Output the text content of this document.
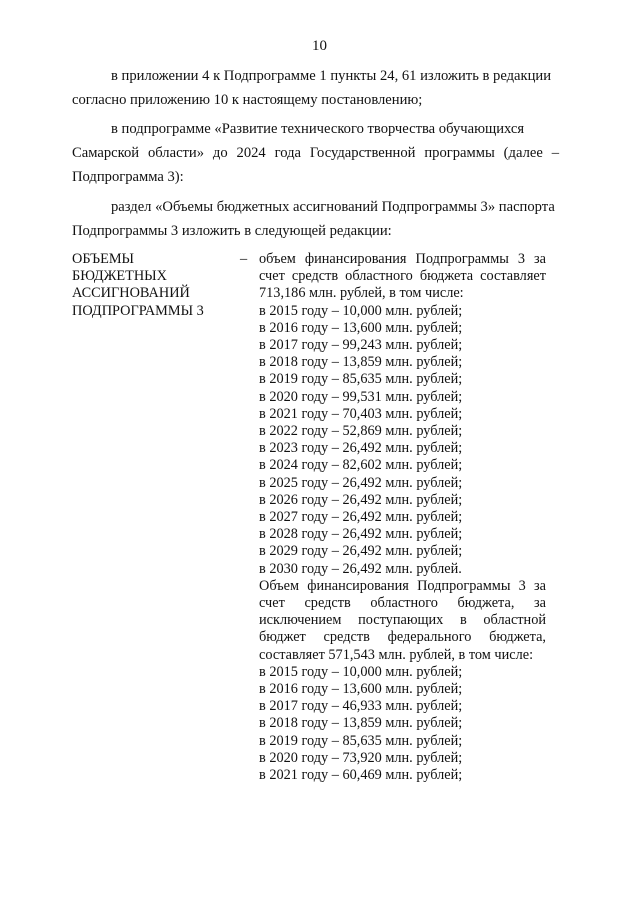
10

в приложении 4 к Подпрограмме 1 пункты 24, 61 изложить в редакции
согласно приложению 10 к настоящему постановлению;

в подпрограмме «Развитие технического творчества обучающихся
Самарской области» до 2024 года Государственной программы (далее – Подпрограмма 3):

раздел «Объемы бюджетных ассигнований Подпрограммы 3» паспорта
Подпрограммы 3 изложить в следующей редакции:

ОБЪЕМЫ
БЮДЖЕТНЫХ
АССИГНОВАНИЙ
ПОДПРОГРАММЫ 3
– объем финансирования Подпрограммы 3 за счет средств областного бюджета составляет 713,186 млн. рублей, в том числе:
в 2015 году – 10,000 млн. рублей;
в 2016 году – 13,600 млн. рублей;
в 2017 году – 99,243 млн. рублей;
в 2018 году – 13,859 млн. рублей;
в 2019 году – 85,635 млн. рублей;
в 2020 году – 99,531 млн. рублей;
в 2021 году – 70,403 млн. рублей;
в 2022 году – 52,869 млн. рублей;
в 2023 году – 26,492 млн. рублей;
в 2024 году – 82,602 млн. рублей;
в 2025 году – 26,492 млн. рублей;
в 2026 году – 26,492 млн. рублей;
в 2027 году – 26,492 млн. рублей;
в 2028 году – 26,492 млн. рублей;
в 2029 году – 26,492 млн. рублей;
в 2030 году – 26,492 млн. рублей.
Объем финансирования Подпрограммы 3 за счет средств областного бюджета, за исключением поступающих в областной бюджет средств федерального бюджета, составляет 571,543 млн. рублей, в том числе:
в 2015 году – 10,000 млн. рублей;
в 2016 году – 13,600 млн. рублей;
в 2017 году – 46,933 млн. рублей;
в 2018 году – 13,859 млн. рублей;
в 2019 году – 85,635 млн. рублей;
в 2020 году – 73,920 млн. рублей;
в 2021 году – 60,469 млн. рублей;
